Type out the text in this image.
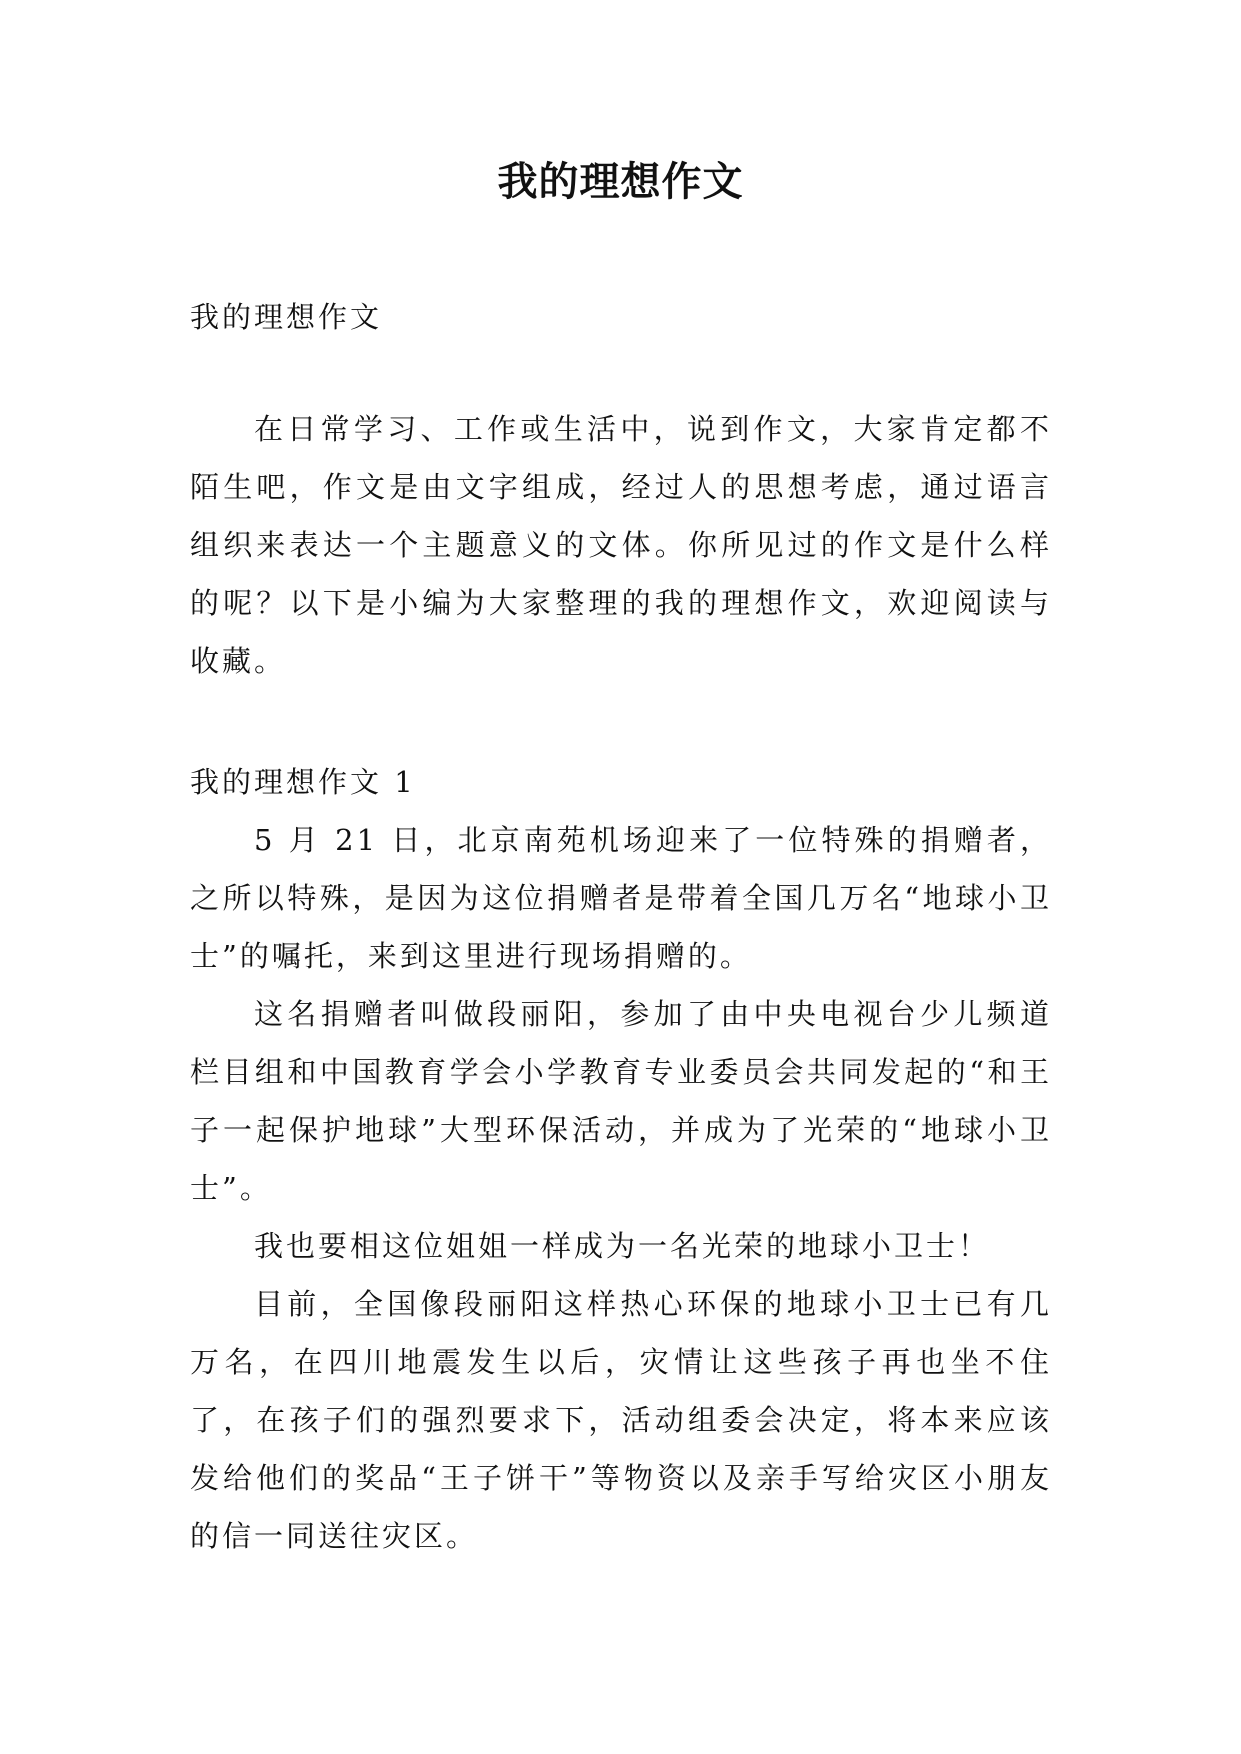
我的理想作文
我的理想作文

在日常学习、工作或生活中，说到作文，大家肯定都不陌生吧，作文是由文字组成，经过人的思想考虑，通过语言组织来表达一个主题意义的文体。你所见过的作文是什么样的呢？以下是小编为大家整理的我的理想作文，欢迎阅读与收藏。

我的理想作文 1

5 月 21 日，北京南苑机场迎来了一位特殊的捐赠者，之所以特殊，是因为这位捐赠者是带着全国几万名“地球小卫士”的嘱托，来到这里进行现场捐赠的。

这名捐赠者叫做段丽阳，参加了由中央电视台少儿频道栏目组和中国教育学会小学教育专业委员会共同发起的“和王子一起保护地球”大型环保活动，并成为了光荣的“地球小卫士”。

我也要相这位姐姐一样成为一名光荣的地球小卫士！

目前，全国像段丽阳这样热心环保的地球小卫士已有几万名，在四川地震发生以后，灾情让这些孩子再也坐不住了，在孩子们的强烈要求下，活动组委会决定，将本来应该发给他们的奖品“王子饼干”等物资以及亲手写给灾区小朋友的信一同送往灾区。
